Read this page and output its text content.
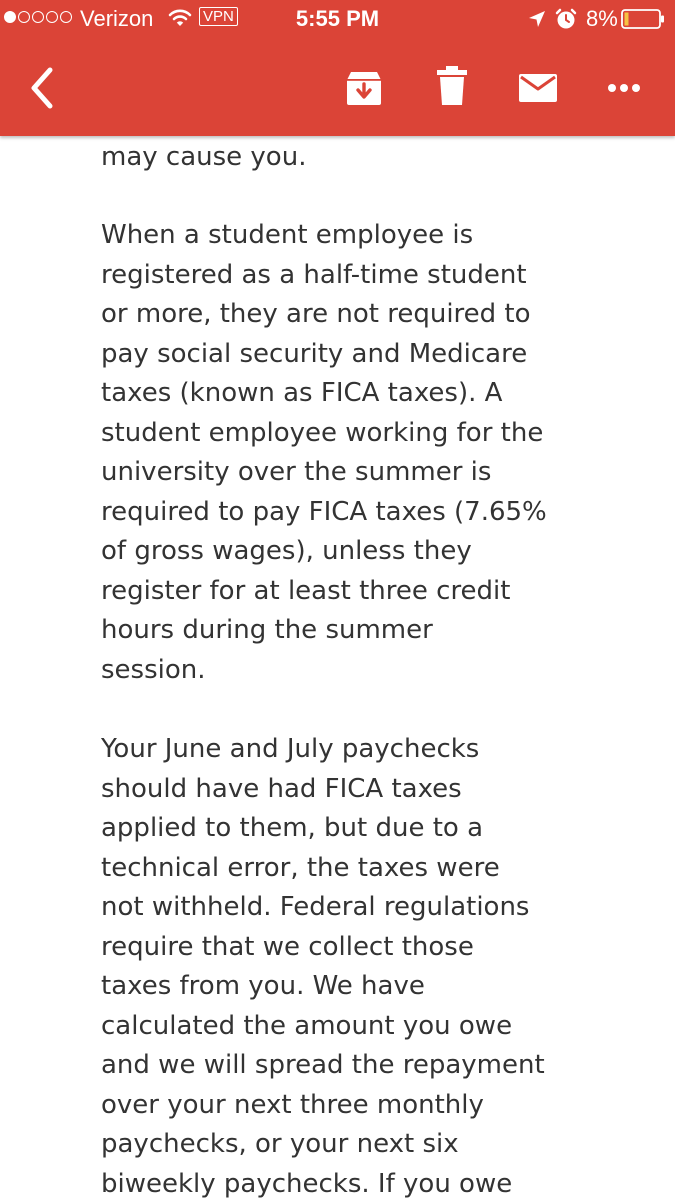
Verizon	VPN	5:55 PM	8%

may cause you.

When a student employee is
registered as a half-time student
or more, they are not required to
pay social security and Medicare
taxes (known as FICA taxes). A
student employee working for the
university over the summer is
required to pay FICA taxes (7.65%
of gross wages), unless they
register for at least three credit
hours during the summer
session.

Your June and July paychecks
should have had FICA taxes
applied to them, but due to a
technical error, the taxes were
not withheld. Federal regulations
require that we collect those
taxes from you. We have
calculated the amount you owe
and we will spread the repayment
over your next three monthly
paychecks, or your next six
biweekly paychecks. If you owe
